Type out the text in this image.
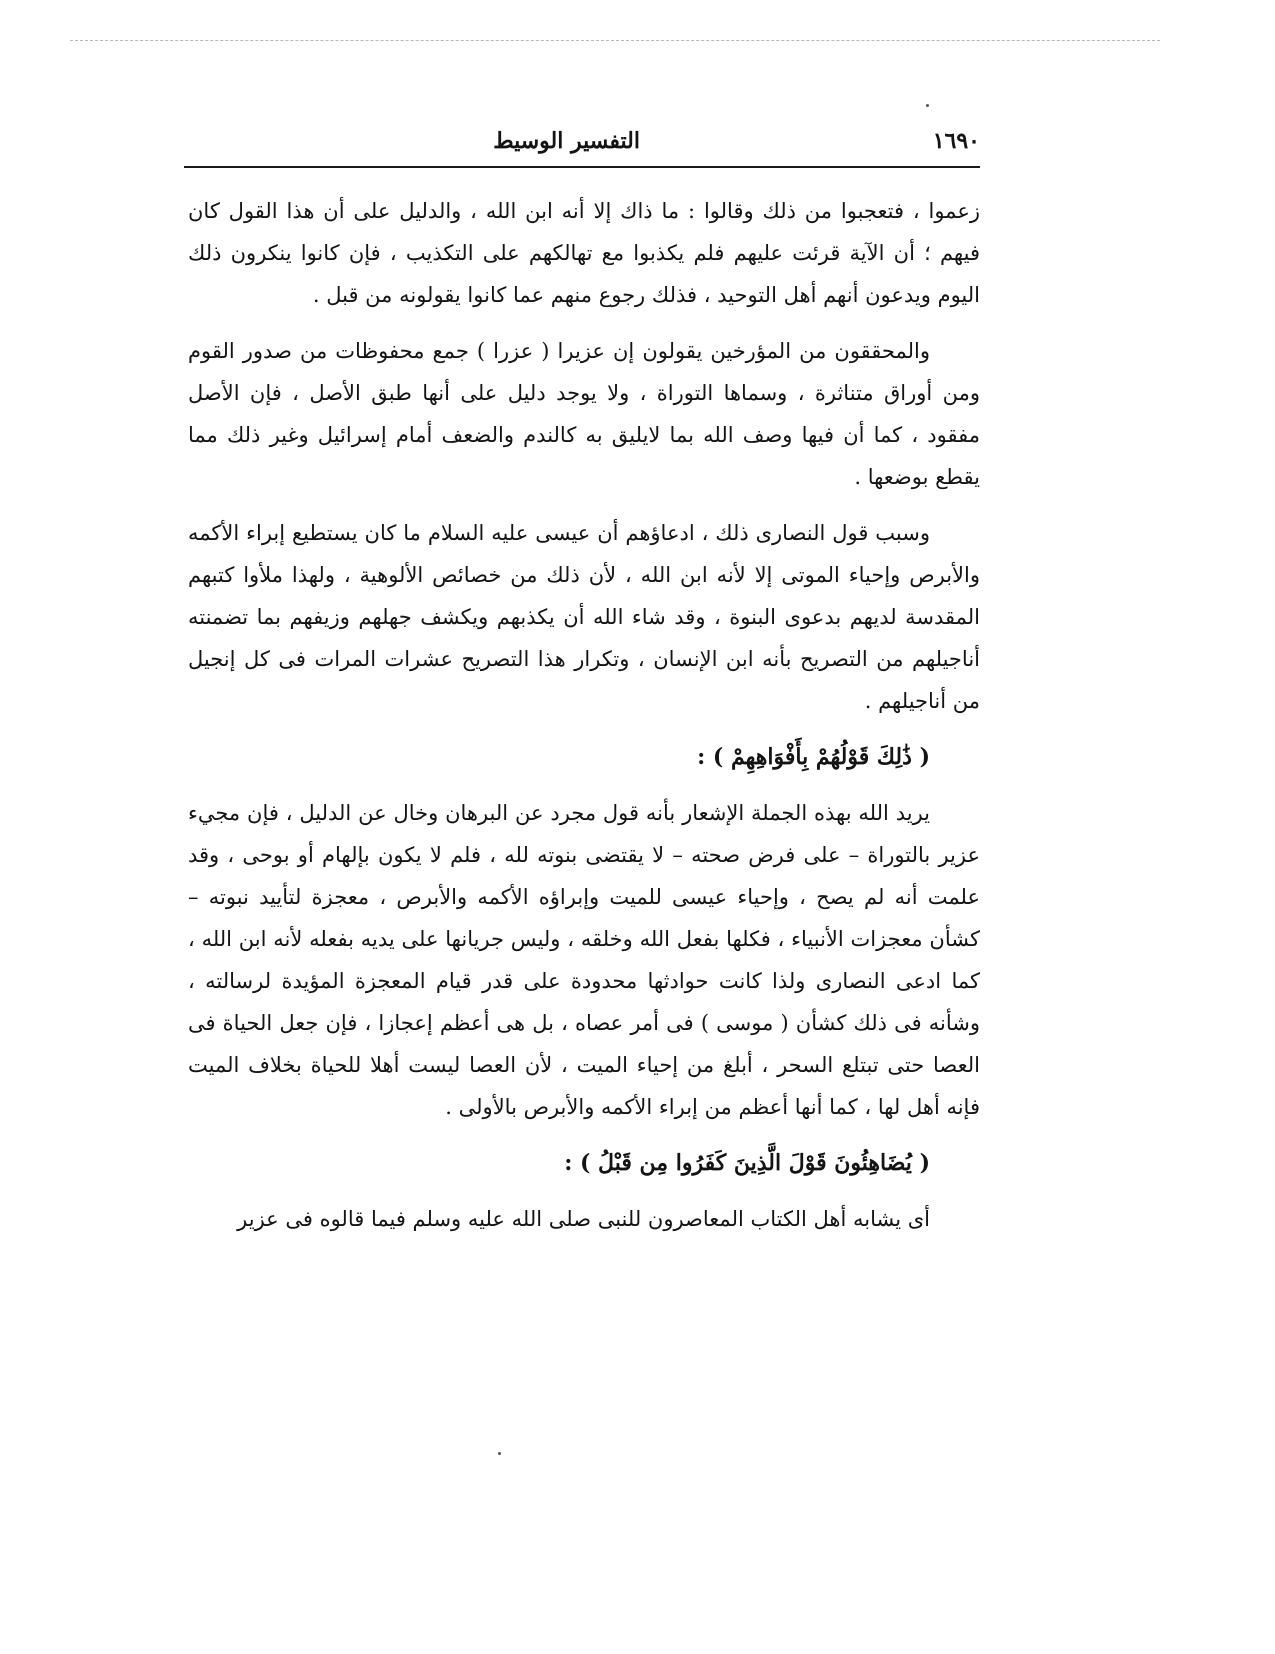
١٦٩٠
التفسير الوسيط

زعموا ، فتعجبوا من ذلك وقالوا : ما ذاك إلا أنه ابن الله ، والدليل على أن هذا القول كان فيهم ؛ أن الآية قرئت عليهم فلم يكذبوا مع تهالكهم على التكذيب ، فإن كانوا ينكرون ذلك اليوم ويدعون أنهم أهل التوحيد ، فذلك رجوع منهم عما كانوا يقولونه من قبل .

والمحققون من المؤرخين يقولون إن عزيرا ( عزرا ) جمع محفوظات من صدور القوم ومن أوراق متناثرة ، وسماها التوراة ، ولا يوجد دليل على أنها طبق الأصل ، فإن الأصل مفقود ، كما أن فيها وصف الله بما لايليق به كالندم والضعف أمام إسرائيل وغير ذلك مما يقطع بوضعها .

وسبب قول النصارى ذلك ، ادعاؤهم أن عيسى عليه السلام ما كان يستطيع إبراء الأكمه والأبرص وإحياء الموتى إلا لأنه ابن الله ، لأن ذلك من خصائص الألوهية ، ولهذا ملأوا كتبهم المقدسة لديهم بدعوى البنوة ، وقد شاء الله أن يكذبهم ويكشف جهلهم وزيفهم بما تضمنته أناجيلهم من التصريح بأنه ابن الإنسان ، وتكرار هذا التصريح عشرات المرات فى كل إنجيل من أناجيلهم .

( ذَٰلِكَ قَوْلُهُمْ بِأَفْوَاهِهِمْ ) :

يريد الله بهذه الجملة الإشعار بأنه قول مجرد عن البرهان وخال عن الدليل ، فإن مجيء عزير بالتوراة – على فرض صحته – لا يقتضى بنوته لله ، فلم لا يكون بإلهام أو بوحى ، وقد علمت أنه لم يصح ، وإحياء عيسى للميت وإبراؤه الأكمه والأبرص ، معجزة لتأييد نبوته – كشأن معجزات الأنبياء ، فكلها بفعل الله وخلقه ، وليس جريانها على يديه بفعله لأنه ابن الله ، كما ادعى النصارى ولذا كانت حوادثها محدودة على قدر قيام المعجزة المؤيدة لرسالته ، وشأنه فى ذلك كشأن ( موسى ) فى أمر عصاه ، بل هى أعظم إعجازا ، فإن جعل الحياة فى العصا حتى تبتلع السحر ، أبلغ من إحياء الميت ، لأن العصا ليست أهلا للحياة بخلاف الميت فإنه أهل لها ، كما أنها أعظم من إبراء الأكمه والأبرص بالأولى .

( يُضَاهِئُونَ قَوْلَ الَّذِينَ كَفَرُوا مِن قَبْلُ ) :

أى يشابه أهل الكتاب المعاصرون للنبى صلى الله عليه وسلم فيما قالوه فى عزير
